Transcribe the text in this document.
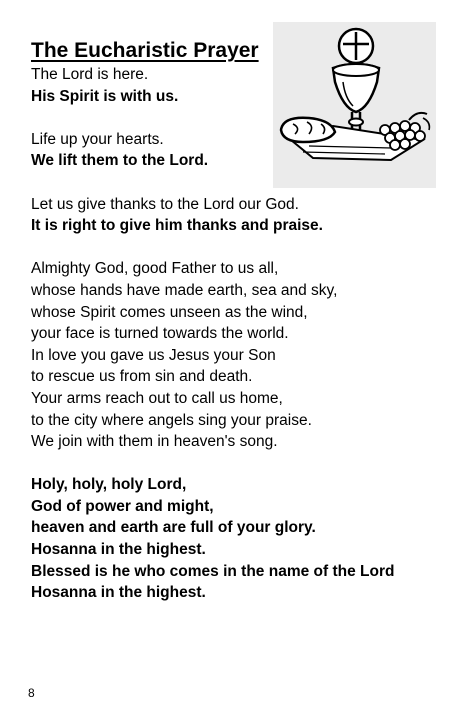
The Eucharistic Prayer
The Lord is here.
His Spirit is with us.
Life up your hearts.
We lift them to the Lord.
Let us give thanks to the Lord our God.
It is right to give him thanks and praise.
Almighty God, good Father to us all,
whose hands have made earth, sea and sky,
whose Spirit comes unseen as the wind,
your face is turned towards the world.
In love you gave us Jesus your Son
to rescue us from sin and death.
Your arms reach out to call us home,
to the city where angels sing your praise.
We join with them in heaven's song.
Holy, holy, holy Lord,
God of power and might,
heaven and earth are full of your glory.
Hosanna in the highest.
Blessed is he who comes in the name of the Lord
Hosanna in the highest.
8
